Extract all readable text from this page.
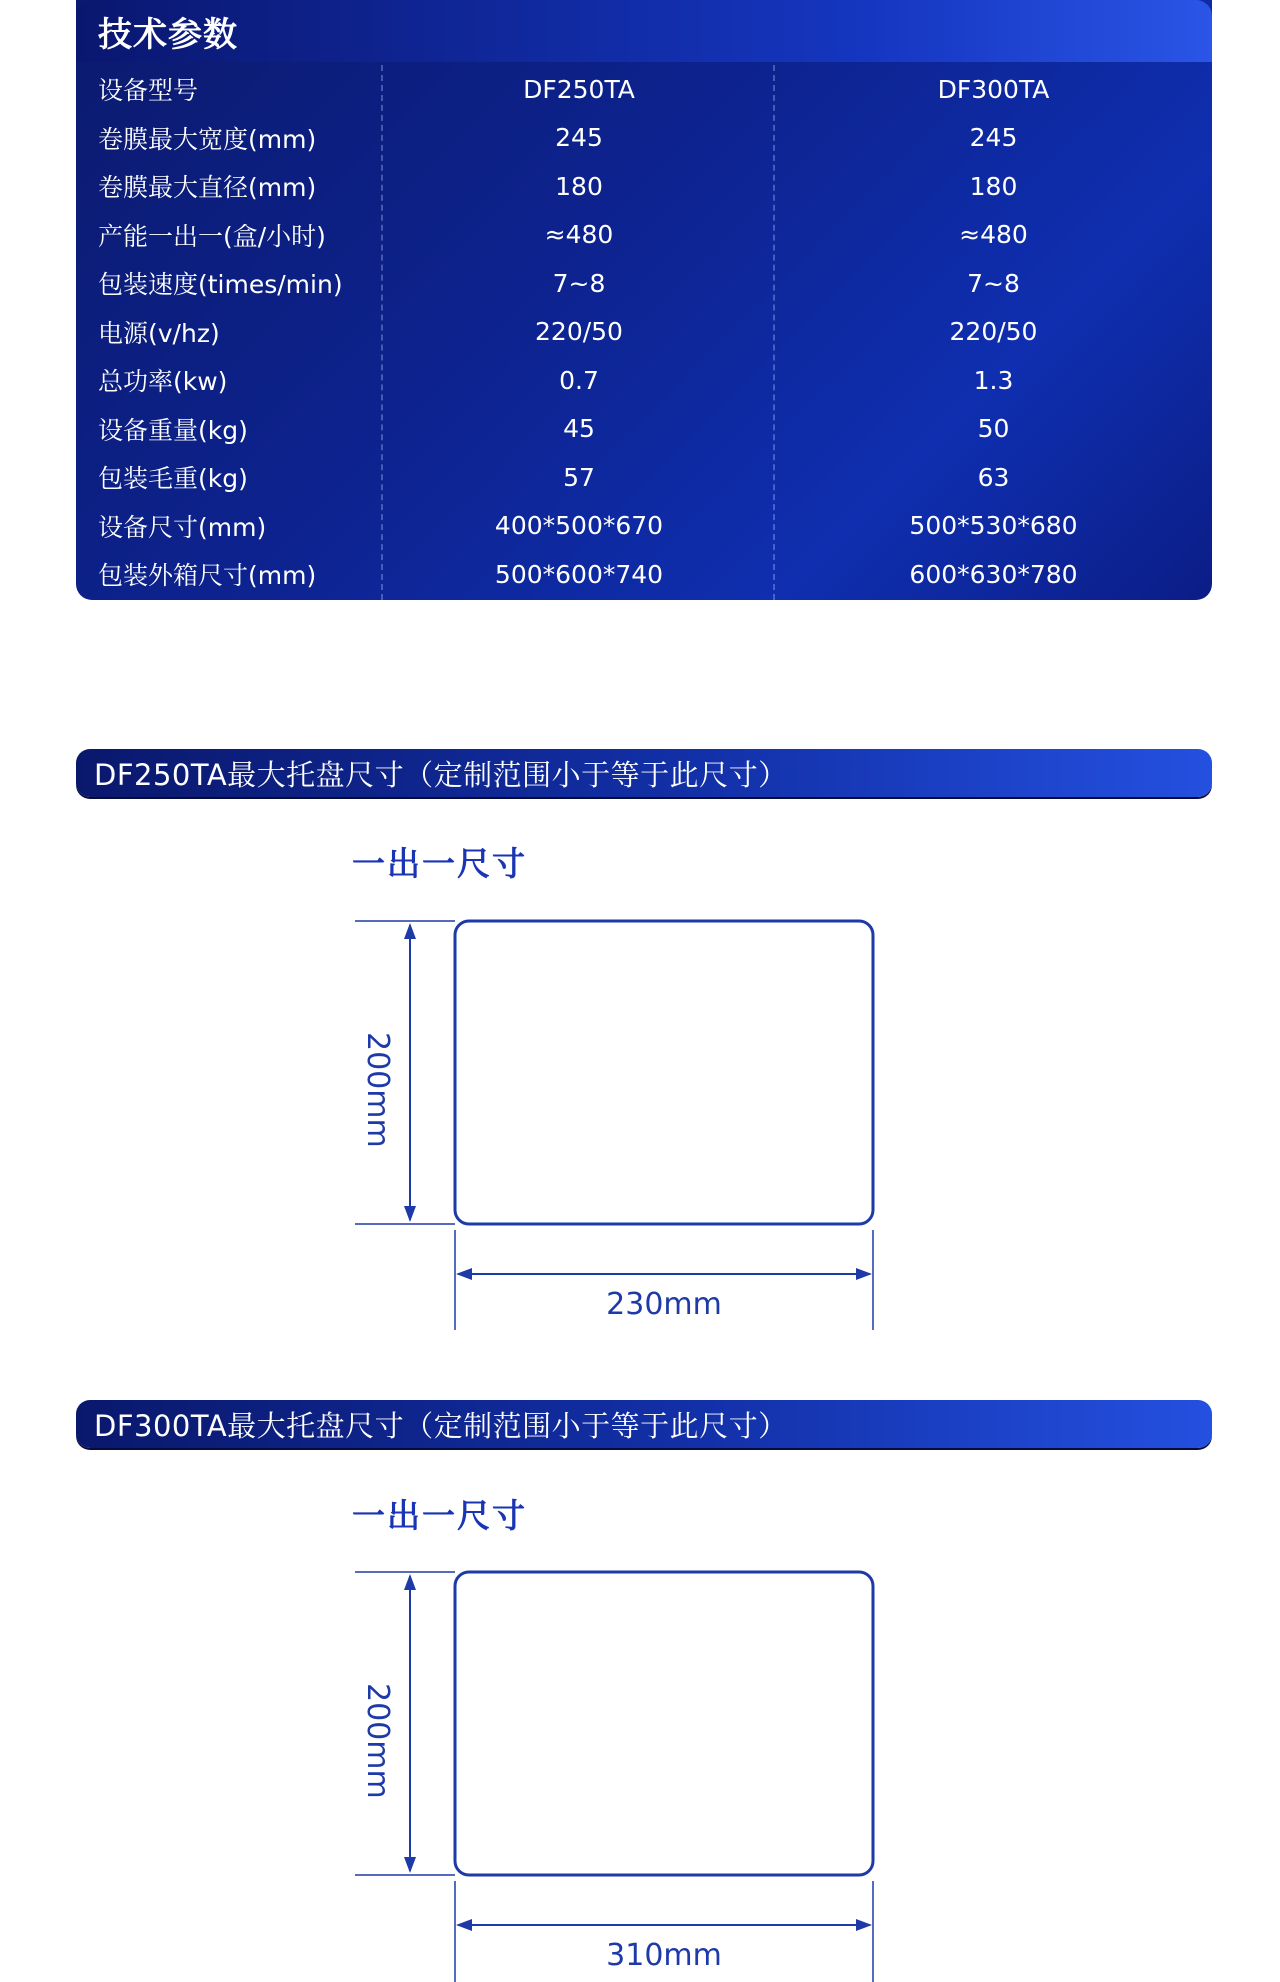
技术参数
设备型号	DF250TA	DF300TA
卷膜最大宽度(mm)	245	245
卷膜最大直径(mm)	180	180
产能一出一(盒/小时)	≈480	≈480
包装速度(times/min)	7~8	7~8
电源(v/hz)	220/50	220/50
总功率(kw)	0.7	1.3
设备重量(kg)	45	50
包装毛重(kg)	57	63
设备尺寸(mm)	400*500*670	500*530*680
包装外箱尺寸(mm)	500*600*740	600*630*780
DF250TA最大托盘尺寸（定制范围小于等于此尺寸）
一出一尺寸
200mm
230mm
DF300TA最大托盘尺寸（定制范围小于等于此尺寸）
一出一尺寸
200mm
310mm
